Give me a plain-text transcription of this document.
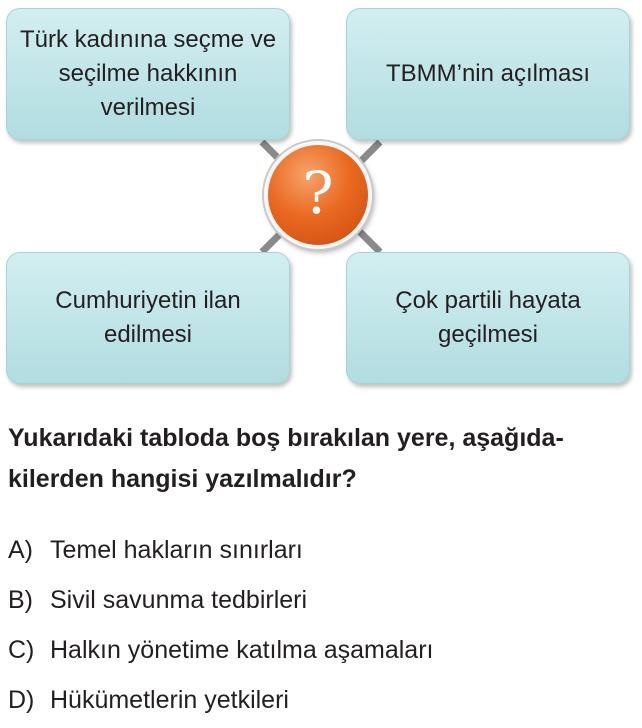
Türk kadınına seçme ve seçilme hakkının verilmesi
TBMM’nin açılması
Cumhuriyetin ilan edilmesi
Çok partili hayata geçilmesi
?
Yukarıdaki tabloda boş bırakılan yere, aşağıda-
kilerden hangisi yazılmalıdır?
A) Temel hakların sınırları
B) Sivil savunma tedbirleri
C) Halkın yönetime katılma aşamaları
D) Hükümetlerin yetkileri
